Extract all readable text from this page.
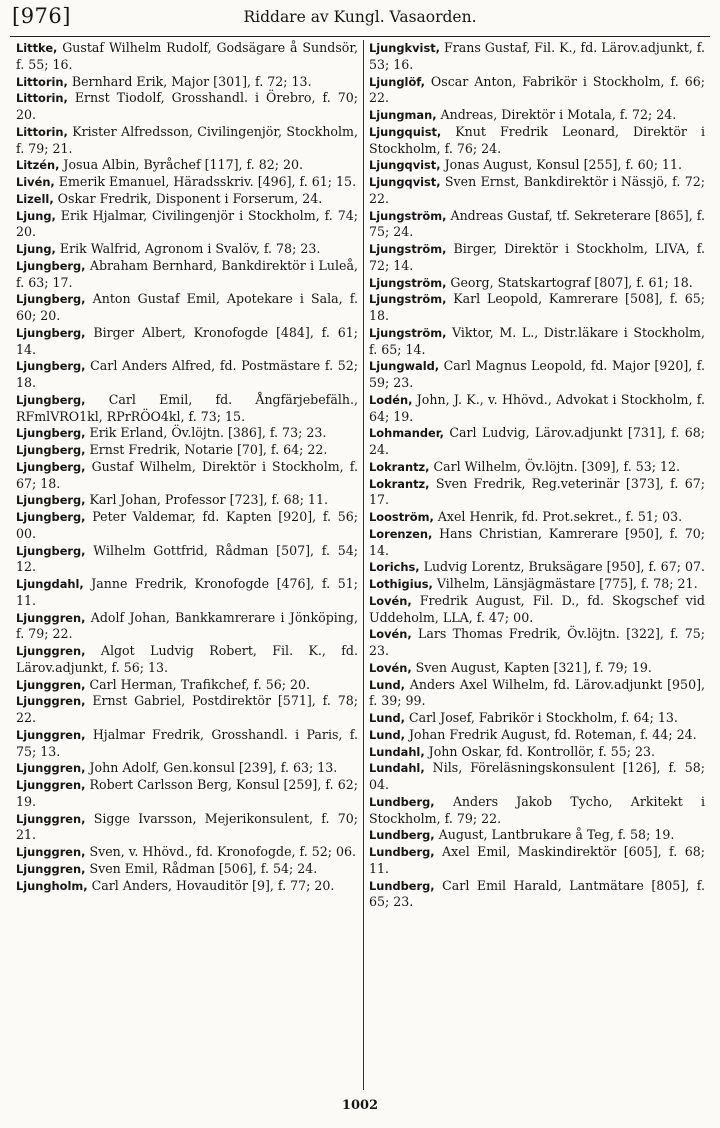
[976]	Riddare av Kungl. Vasaorden.

Littke, Gustaf Wilhelm Rudolf, Godsägare å Sundsör, f. 55; 16.

Littorin, Bernhard Erik, Major [301], f. 72; 13.

Littorin, Ernst Tiodolf, Grosshandl. i Örebro, f. 70; 20.

Littorin, Krister Alfredsson, Civilingenjör, Stockholm, f. 79; 21.

Litzén, Josua Albin, Byråchef [117], f. 82; 20.

Livén, Emerik Emanuel, Häradsskriv. [496], f. 61; 15.

Lizell, Oskar Fredrik, Disponent i Forserum, 24.

Ljung, Erik Hjalmar, Civilingenjör i Stockholm, f. 74; 20.

Ljung, Erik Walfrid, Agronom i Svalöv, f. 78; 23.

Ljungberg, Abraham Bernhard, Bankdirektör i Luleå, f. 63; 17.

Ljungberg, Anton Gustaf Emil, Apotekare i Sala, f. 60; 20.

Ljungberg, Birger Albert, Kronofogde [484], f. 61; 14.

Ljungberg, Carl Anders Alfred, fd. Postmästare f. 52; 18.

Ljungberg, Carl Emil, fd. Ångfärjebefälh., RFmlVRO1kl, RPrRÖO4kl, f. 73; 15.

Ljungberg, Erik Erland, Öv.löjtn. [386], f. 73; 23.

Ljungberg, Ernst Fredrik, Notarie [70], f. 64; 22.

Ljungberg, Gustaf Wilhelm, Direktör i Stockholm, f. 67; 18.

Ljungberg, Karl Johan, Professor [723], f. 68; 11.

Ljungberg, Peter Valdemar, fd. Kapten [920], f. 56; 00.

Ljungberg, Wilhelm Gottfrid, Rådman [507], f. 54; 12.

Ljungdahl, Janne Fredrik, Kronofogde [476], f. 51; 11.

Ljunggren, Adolf Johan, Bankkamrerare i Jönköping, f. 79; 22.

Ljunggren, Algot Ludvig Robert, Fil. K., fd. Lärov.adjunkt, f. 56; 13.

Ljunggren, Carl Herman, Trafikchef, f. 56; 20.

Ljunggren, Ernst Gabriel, Postdirektör [571], f. 78; 22.

Ljunggren, Hjalmar Fredrik, Grosshandl. i Paris, f. 75; 13.

Ljunggren, John Adolf, Gen.konsul [239], f. 63; 13.

Ljunggren, Robert Carlsson Berg, Konsul [259], f. 62; 19.

Ljunggren, Sigge Ivarsson, Mejerikonsulent, f. 70; 21.

Ljunggren, Sven, v. Hhövd., fd. Kronofogde, f. 52; 06.

Ljunggren, Sven Emil, Rådman [506], f. 54; 24.

Ljungholm, Carl Anders, Hovauditör [9], f. 77; 20.

Ljungkvist, Frans Gustaf, Fil. K., fd. Lärov.adjunkt, f. 53; 16.

Ljunglöf, Oscar Anton, Fabrikör i Stockholm, f. 66; 22.

Ljungman, Andreas, Direktör i Motala, f. 72; 24.

Ljungquist, Knut Fredrik Leonard, Direktör i Stockholm, f. 76; 24.

Ljungqvist, Jonas August, Konsul [255], f. 60; 11.

Ljungqvist, Sven Ernst, Bankdirektör i Nässjö, f. 72; 22.

Ljungström, Andreas Gustaf, tf. Sekreterare [865], f. 75; 24.

Ljungström, Birger, Direktör i Stockholm, LIVA, f. 72; 14.

Ljungström, Georg, Statskartograf [807], f. 61; 18.

Ljungström, Karl Leopold, Kamrerare [508], f. 65; 18.

Ljungström, Viktor, M. L., Distr.läkare i Stockholm, f. 65; 14.

Ljungwald, Carl Magnus Leopold, fd. Major [920], f. 59; 23.

Lodén, John, J. K., v. Hhövd., Advokat i Stockholm, f. 64; 19.

Lohmander, Carl Ludvig, Lärov.adjunkt [731], f. 68; 24.

Lokrantz, Carl Wilhelm, Öv.löjtn. [309], f. 53; 12.

Lokrantz, Sven Fredrik, Reg.veterinär [373], f. 67; 17.

Looström, Axel Henrik, fd. Prot.sekret., f. 51; 03.

Lorenzen, Hans Christian, Kamrerare [950], f. 70; 14.

Lorichs, Ludvig Lorentz, Bruksägare [950], f. 67; 07.

Lothigius, Vilhelm, Länsjägmästare [775], f. 78; 21.

Lovén, Fredrik August, Fil. D., fd. Skogschef vid Uddeholm, LLA, f. 47; 00.

Lovén, Lars Thomas Fredrik, Öv.löjtn. [322], f. 75; 23.

Lovén, Sven August, Kapten [321], f. 79; 19.

Lund, Anders Axel Wilhelm, fd. Lärov.adjunkt [950], f. 39; 99.

Lund, Carl Josef, Fabrikör i Stockholm, f. 64; 13.

Lund, Johan Fredrik August, fd. Roteman, f. 44; 24.

Lundahl, John Oskar, fd. Kontrollör, f. 55; 23.

Lundahl, Nils, Föreläsningskonsulent [126], f. 58; 04.

Lundberg, Anders Jakob Tycho, Arkitekt i Stockholm, f. 79; 22.

Lundberg, August, Lantbrukare å Teg, f. 58; 19.

Lundberg, Axel Emil, Maskindirektör [605], f. 68; 11.

Lundberg, Carl Emil Harald, Lantmätare [805], f. 65; 23.

1002
